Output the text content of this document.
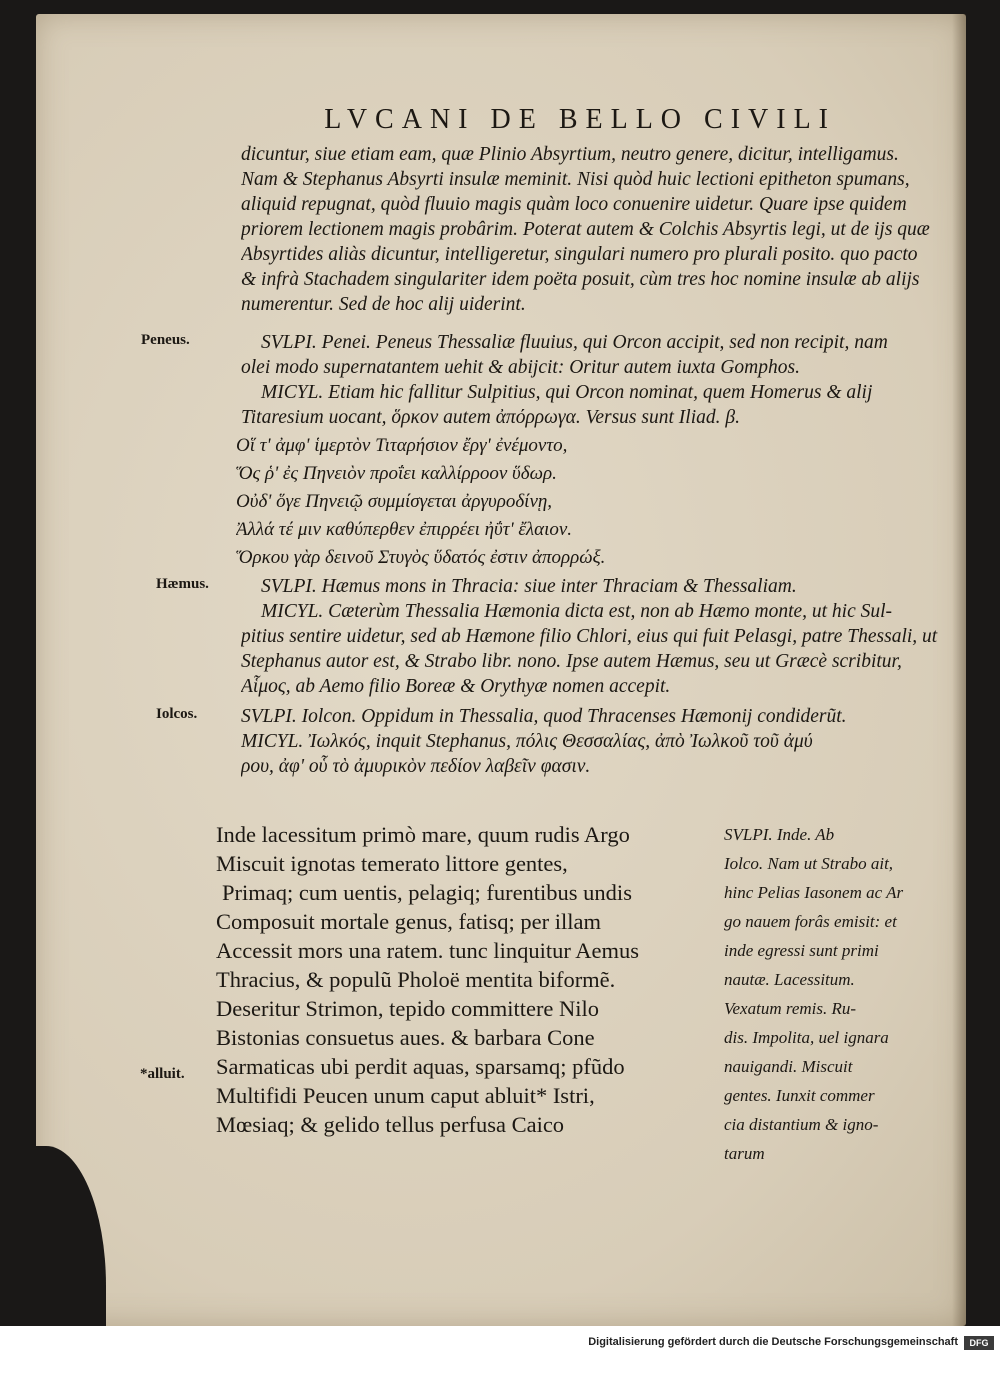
LVCANI DE BELLO CIVILI
dicuntur, siue etiam eam, quæ Plinio Absyrtium, neutro genere, dicitur, intelligamus.
Nam & Stephanus Absyrti insulæ meminit. Nisi quòd huic lectioni epitheton spumans,
aliquid repugnat, quòd fluuio magis quàm loco conuenire uidetur. Quare ipse quidem
priorem lectionem magis probârim. Poterat autem & Colchis Absyrtis legi, ut de ijs quæ
Absyrtides aliàs dicuntur, intelligeretur, singulari numero pro plurali posito. quo pacto
& infrà Stachadem singulariter idem poëta posuit, cùm tres hoc nomine insulæ ab alijs
numerentur. Sed de hoc alij uiderint.
Peneus.	SVLPI. Penei. Peneus Thessaliæ fluuius, qui Orcon accipit, sed non recipit, nam
olei modo supernatantem uehit & abijcit: Oritur autem iuxta Gomphos.
MICYL. Etiam hic fallitur Sulpitius, qui Orcon nominat, quem Homerus & alij
Titaresium uocant, ὅρκον autem ἀπόρρωγα. Versus sunt Iliad. β.
Οἵ τ' ἀμφ' ἱμερτὸν Τιταρήσιον ἔργ' ἐνέμοντο,
Ὅς ῥ' ἐς Πηνειὸν προΐει καλλίρροον ὕδωρ.
Οὐδ' ὅγε Πηνειῷ συμμίσγεται ἀργυροδίνῃ,
Ἀλλά τέ μιν καθύπερθεν ἐπιρρέει ἠΰτ' ἔλαιον.
Ὅρκου γὰρ δεινοῦ Στυγὸς ὕδατός ἐστιν ἀπορρώξ.
Hæmus.	SVLPI. Hæmus mons in Thracia: siue inter Thraciam & Thessaliam.
MICYL. Cæterùm Thessalia Hæmonia dicta est, non ab Hæmo monte, ut hic Sul-
pitius sentire uidetur, sed ab Hæmone filio Chlori, eius qui fuit Pelasgi, patre Thessali, ut
Stephanus autor est, & Strabo libr. nono. Ipse autem Hæmus, seu ut Græcè scribitur,
Αἷμος, ab Aemo filio Boreæ & Orythyæ nomen accepit.
Iolcos. SVLPI. Iolcon. Oppidum in Thessalia, quod Thracenses Hæmonij condiderũt.
MICYL. Ἰωλκός, inquit Stephanus, πόλις Θεσσαλίας, ἀπὸ Ἰωλκοῦ τοῦ ἀμύ
ρου, ἀφ' οὗ τὸ ἀμυρικὸν πεδίον λαβεῖν φασιν.
*alluit.
Inde lacessitum primò mare, quum rudis Argo
Miscuit ignotas temerato littore gentes,
Primaq; cum uentis, pelagiq; furentibus undis
Composuit mortale genus, fatisq; per illam
Accessit mors una ratem. tunc linquitur Aemus
Thracius, & populũ Pholoë mentita biformẽ.
Deseritur Strimon, tepido committere Nilo
Bistonias consuetus aues. & barbara Cone
Sarmaticas ubi perdit aquas, sparsamq; pfũdo
Multifidi Peucen unum caput abluit* Istri,
Mœsiaq; & gelido tellus perfusa Caico
SVLPI. Inde. Ab
Iolco. Nam ut Strabo ait,
hinc Pelias Iasonem ac Ar
go nauem forâs emisit: et
inde egressi sunt primi
nautæ. Lacessitum.
Vexatum remis. Ru-
dis. Impolita, uel ignara
nauigandi. Miscuit
gentes. Iunxit commer
cia distantium & igno-
tarum
Digitalisierung gefördert durch die Deutsche Forschungsgemeinschaft	DFG
